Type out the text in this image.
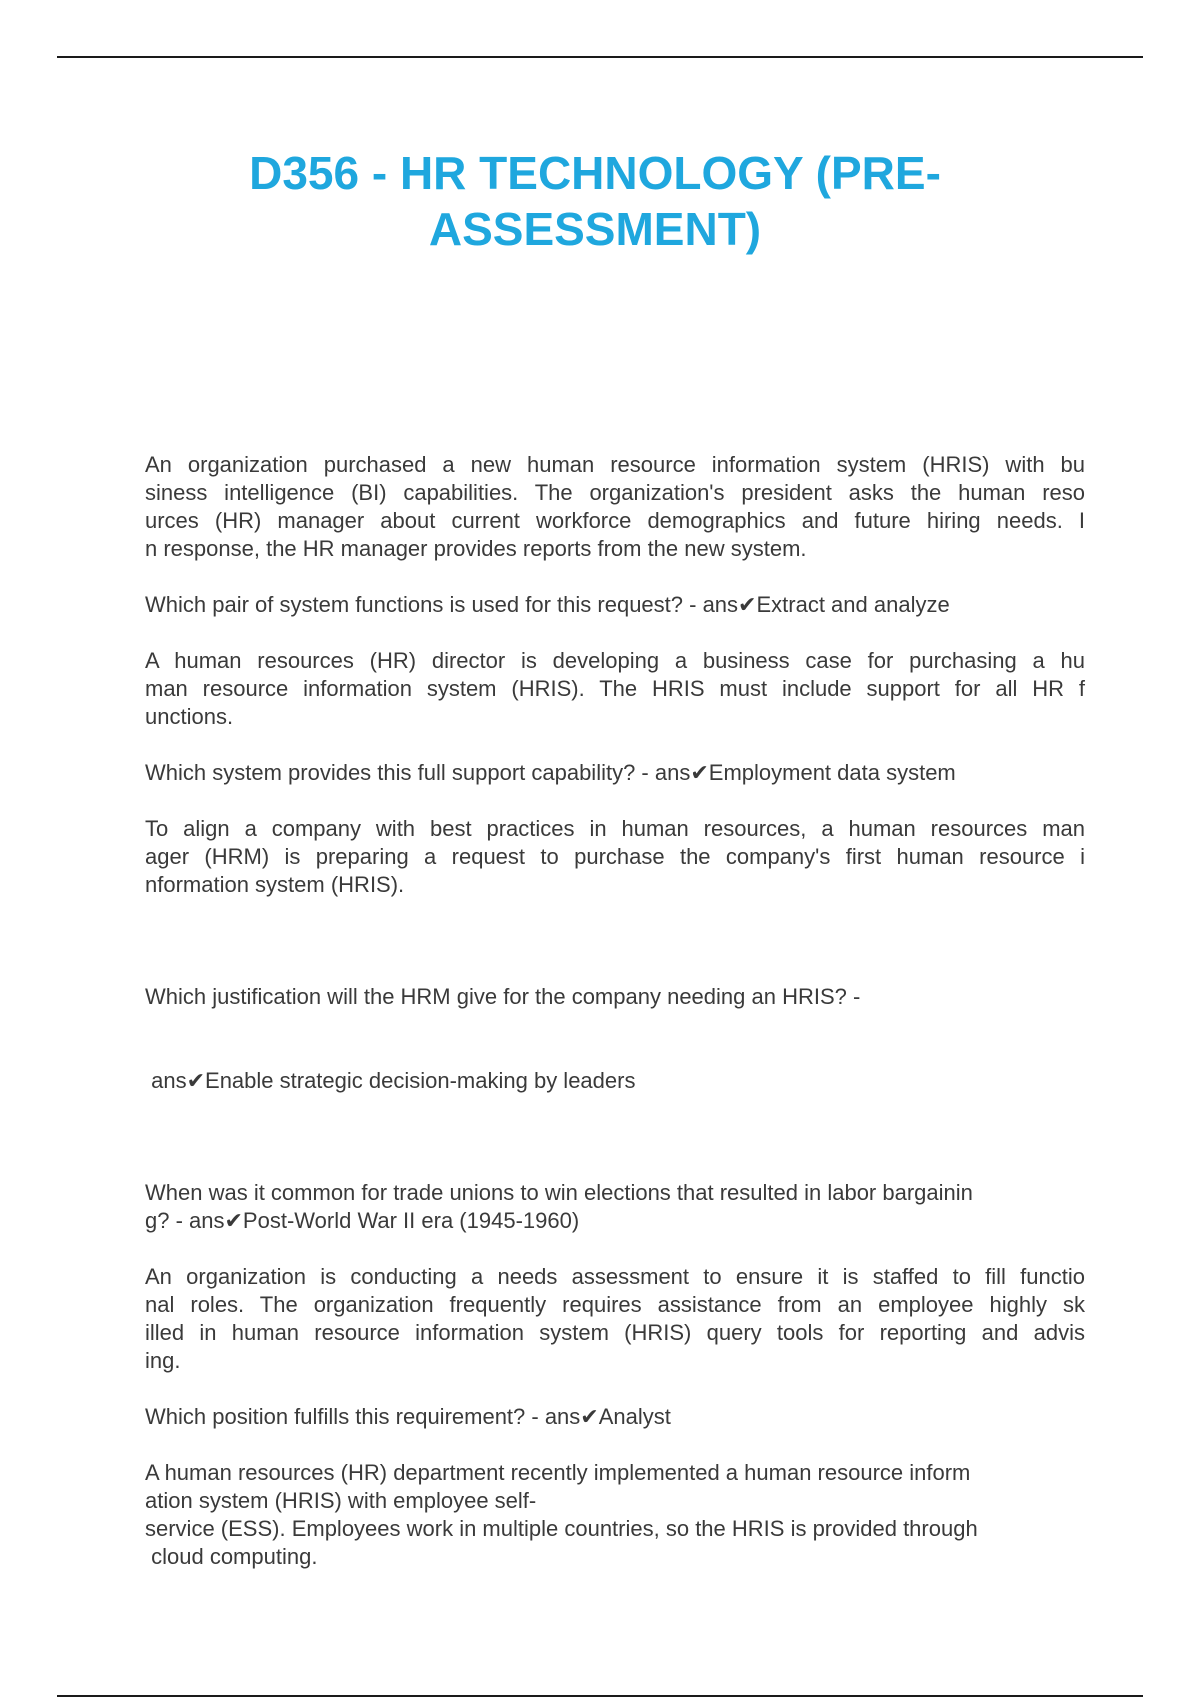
D356 - HR TECHNOLOGY (PRE-
ASSESSMENT)

An organization purchased a new human resource information system (HRIS) with bu
siness intelligence (BI) capabilities. The organization's president asks the human reso
urces (HR) manager about current workforce demographics and future hiring needs. I
n response, the HR manager provides reports from the new system.

Which pair of system functions is used for this request? - ans✔Extract and analyze

A human resources (HR) director is developing a business case for purchasing a hu
man resource information system (HRIS). The HRIS must include support for all HR f
unctions.

Which system provides this full support capability? - ans✔Employment data system

To align a company with best practices in human resources, a human resources man
ager (HRM) is preparing a request to purchase the company's first human resource i
nformation system (HRIS).

Which justification will the HRM give for the company needing an HRIS? -

ans✔Enable strategic decision-making by leaders

When was it common for trade unions to win elections that resulted in labor bargainin
g? - ans✔Post-World War II era (1945-1960)

An organization is conducting a needs assessment to ensure it is staffed to fill functio
nal roles. The organization frequently requires assistance from an employee highly sk
illed in human resource information system (HRIS) query tools for reporting and advis
ing.

Which position fulfills this requirement? - ans✔Analyst

A human resources (HR) department recently implemented a human resource inform
ation system (HRIS) with employee self-
service (ESS). Employees work in multiple countries, so the HRIS is provided through
cloud computing.
